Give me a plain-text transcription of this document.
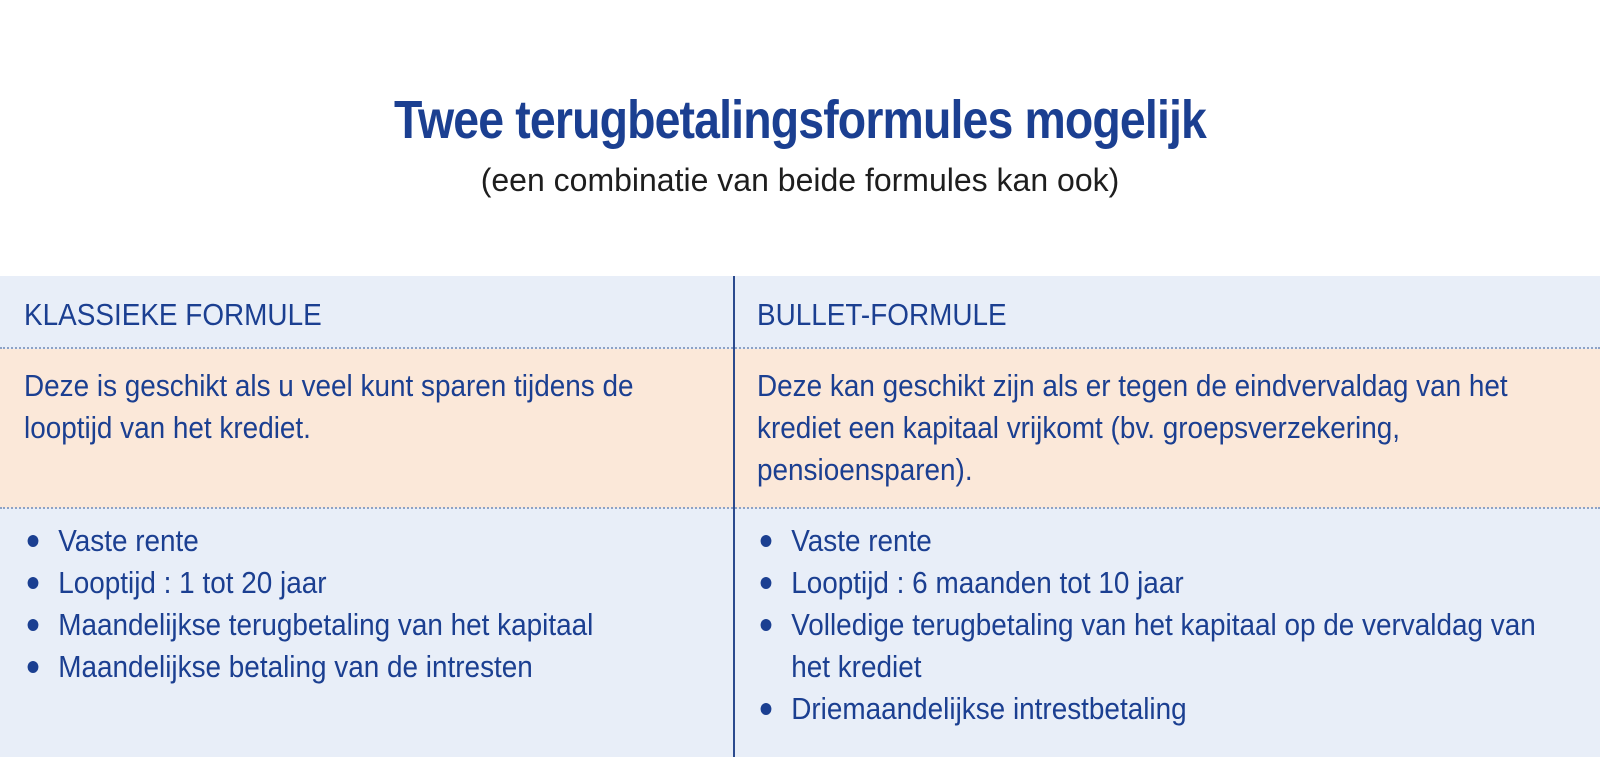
Twee terugbetalingsformules mogelijk

(een combinatie van beide formules kan ook)

KLASSIEKE FORMULE
Deze is geschikt als u veel kunt sparen tijdens de looptijd van het krediet.
Vaste rente
Looptijd : 1 tot 20 jaar
Maandelijkse terugbetaling van het kapitaal
Maandelijkse betaling van de intresten
BULLET-FORMULE
Deze kan geschikt zijn als er tegen de eindvervaldag van het krediet een kapitaal vrijkomt (bv. groepsverzekering, pensioensparen).
Vaste rente
Looptijd : 6 maanden tot 10 jaar
Volledige terugbetaling van het kapitaal op de vervaldag van het krediet
Driemaandelijkse intrestbetaling
